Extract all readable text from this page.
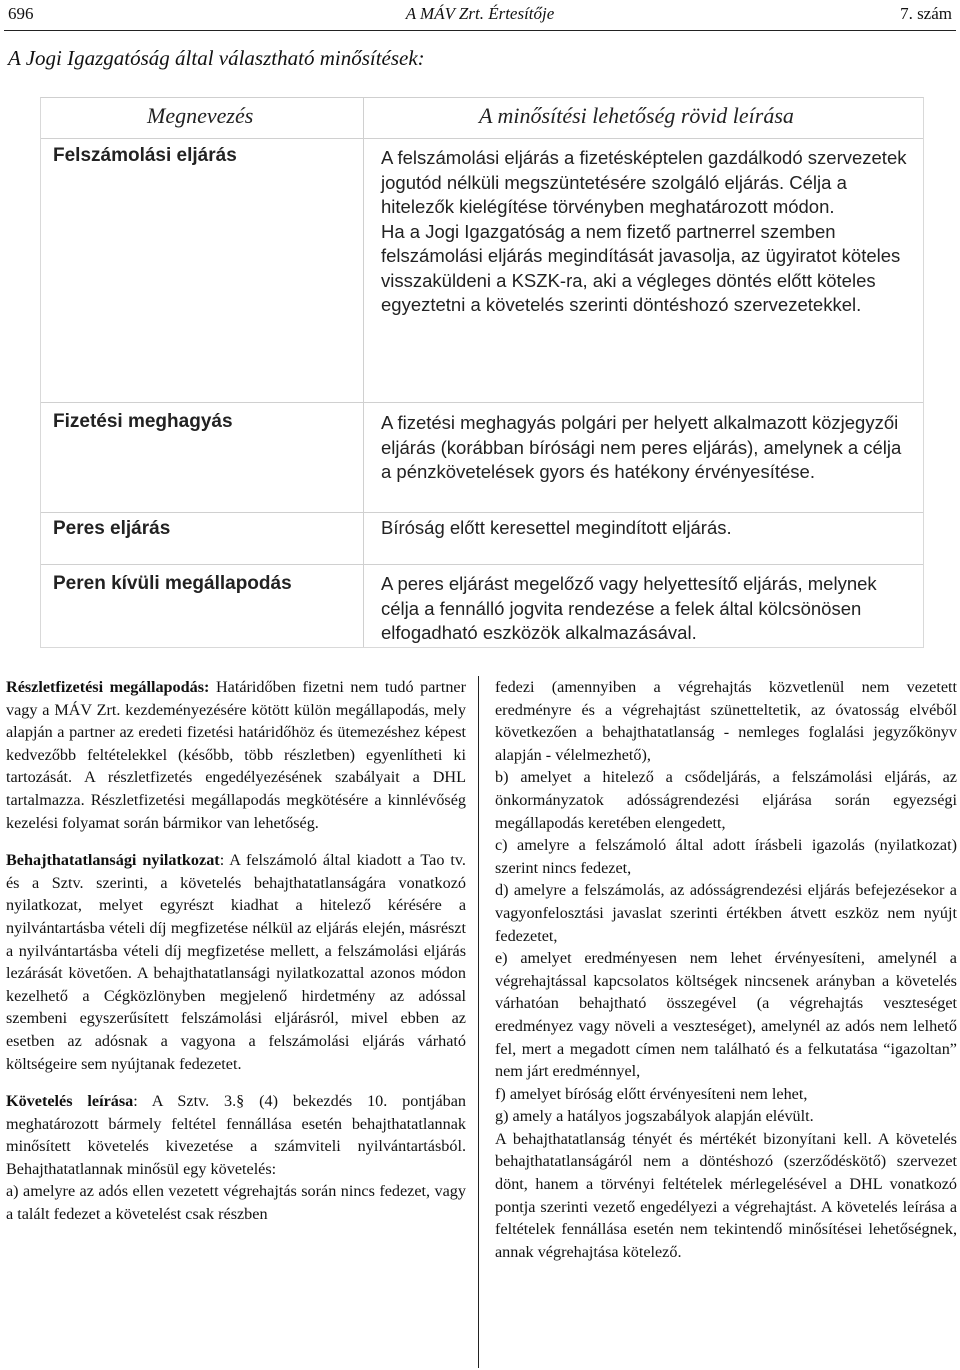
696	A MÁV Zrt. Értesítője	7. szám
A Jogi Igazgatóság által választható minősítések:
Megnevezés	A minősítési lehetőség rövid leírása
Felszámolási eljárás	A felszámolási eljárás a fizetésképtelen gazdálkodó szervezetek jogutód nélküli megszüntetésére szolgáló eljárás. Célja a hitelezők kielégítése törvényben meghatározott módon.

Ha a Jogi Igazgatóság a nem fizető partnerrel szemben felszámolási eljárás megindítását javasolja, az ügyiratot köteles visszaküldeni a KSZK-ra, aki a végleges döntés előtt köteles egyeztetni a követelés szerinti döntéshozó szervezetekkel.

Fizetési meghagyás	A fizetési meghagyás polgári per helyett alkalmazott közjegyzői eljárás (korábban bírósági nem peres eljárás), amelynek a célja a pénzkövetelések gyors és hatékony érvényesítése.

Peres eljárás	Bíróság előtt keresettel megindított eljárás.

Peren kívüli megállapodás	A peres eljárást megelőző vagy helyettesítő eljárás, melynek célja a fennálló jogvita rendezése a felek által kölcsönösen elfogadható eszközök alkalmazásával.

Részletfizetési megállapodás: Határidőben fizetni nem tudó partner vagy a MÁV Zrt. kezdeményezésére kötött külön megállapodás, mely alapján a partner az eredeti fizetési határidőhöz és ütemezéshez képest kedvezőbb feltételekkel (később, több részletben) egyenlítheti ki tartozását. A részletfizetés engedélyezésének szabályait a DHL tartalmazza. Részletfizetési megállapodás megkötésére a kinnlévőség kezelési folyamat során bármikor van lehetőség.

Behajthatatlansági nyilatkozat: A felszámoló által kiadott a Tao tv. és a Sztv. szerinti, a követelés behajthatatlanságára vonatkozó nyilatkozat, melyet egyrészt kiadhat a hitelező kérésére a nyilvántartásba vételi díj megfizetése nélkül az eljárás elején, másrészt a nyilvántartásba vételi díj megfizetése mellett, a felszámolási eljárás lezárását követően. A behajthatatlansági nyilatkozattal azonos módon kezelhető a Cégközlönyben megjelenő hirdetmény az adóssal szembeni egyszerűsített felszámolási eljárásról, mivel ebben az esetben az adósnak a vagyona a felszámolási eljárás várható költségeire sem nyújtanak fedezetet.

Követelés leírása: A Sztv. 3.§ (4) bekezdés 10. pontjában meghatározott bármely feltétel fennállása esetén behajthatatlannak minősített követelés kivezetése a számviteli nyilvántartásból. Behajthatatlannak minősül egy követelés:

a) amelyre az adós ellen vezetett végrehajtás során nincs fedezet, vagy a talált fedezet a követelést csak részben

fedezi (amennyiben a végrehajtás közvetlenül nem vezetett eredményre és a végrehajtást szünetteltetik, az óvatosság elvéből következően a behajthatatlanság - nemleges foglalási jegyzőkönyv alapján - vélelmezhető),

b) amelyet a hitelező a csődeljárás, a felszámolási eljárás, az önkormányzatok adósságrendezési eljárása során egyezségi megállapodás keretében elengedett,

c) amelyre a felszámoló által adott írásbeli igazolás (nyilatkozat) szerint nincs fedezet,

d) amelyre a felszámolás, az adósságrendezési eljárás befejezésekor a vagyonfelosztási javaslat szerinti értékben átvett eszköz nem nyújt fedezetet,

e) amelyet eredményesen nem lehet érvényesíteni, amelynél a végrehajtással kapcsolatos költségek nincsenek arányban a követelés várhatóan behajtható összegével (a végrehajtás veszteséget eredményez vagy növeli a veszteséget), amelynél az adós nem lelhető fel, mert a megadott címen nem található és a felkutatása “igazoltan” nem járt eredménnyel,

f) amelyet bíróság előtt érvényesíteni nem lehet,

g) amely a hatályos jogszabályok alapján elévült.

A behajthatatlanság tényét és mértékét bizonyítani kell. A követelés behajthatatlanságáról nem a döntéshozó (szerződéskötő) szervezet dönt, hanem a törvényi feltételek mérlegelésével a DHL vonatkozó pontja szerinti vezető engedélyezi a végrehajtást. A követelés leírása a feltételek fennállása esetén nem tekintendő minősítései lehetőségnek, annak végrehajtása kötelező.
